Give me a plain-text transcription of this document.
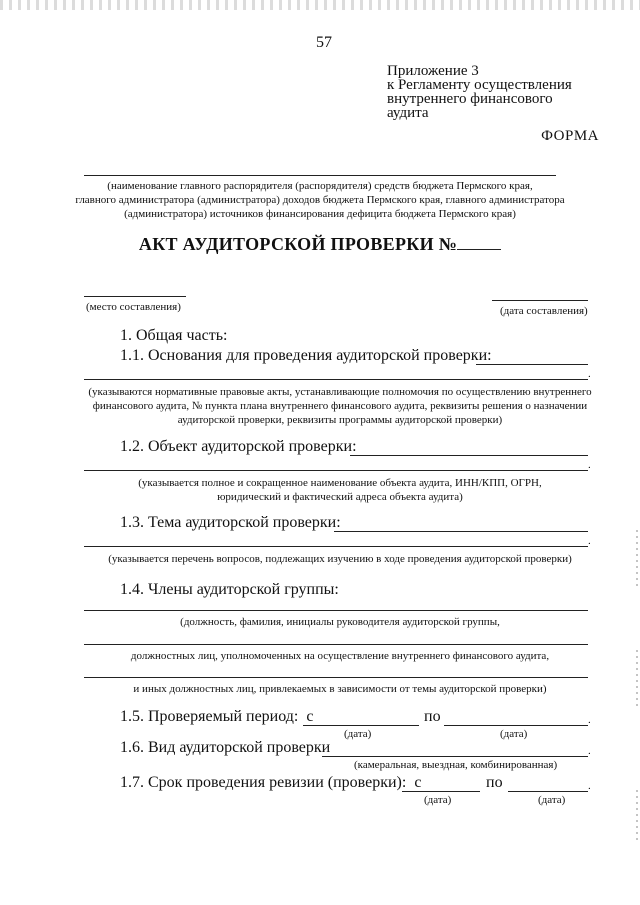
57
Приложение 3
к Регламенту осуществления
внутреннего финансового
аудита
ФОРМА
(наименование главного распорядителя (распорядителя) средств бюджета Пермского края,
главного администратора (администратора) доходов бюджета Пермского края, главного администратора
(администратора) источников финансирования дефицита бюджета Пермского края)
АКТ АУДИТОРСКОЙ ПРОВЕРКИ №
(место составления)	(дата составления)
1. Общая часть:
1.1. Основания для проведения аудиторской проверки:
.
(указываются нормативные правовые акты, устанавливающие полномочия по осуществлению внутреннего
финансового аудита, № пункта плана внутреннего финансового аудита, реквизиты решения о назначении
аудиторской проверки, реквизиты программы аудиторской проверки)
1.2. Объект аудиторской проверки:
.
(указывается полное и сокращенное наименование объекта аудита, ИНН/КПП, ОГРН,
юридический и фактический адреса объекта аудита)
1.3. Тема аудиторской проверки:
.
(указывается перечень вопросов, подлежащих изучению в ходе проведения аудиторской проверки)
1.4. Члены аудиторской группы:
(должность, фамилия, инициалы руководителя аудиторской группы,
должностных лиц, уполномоченных на осуществление внутреннего финансового аудита,
и иных должностных лиц, привлекаемых в зависимости от темы аудиторской проверки)
1.5. Проверяемый период: с	по	.
(дата)	(дата)
1.6. Вид аудиторской проверки	.
(камеральная, выездная, комбинированная)
1.7. Срок проведения ревизии (проверки): с	по	.
(дата)	(дата)
